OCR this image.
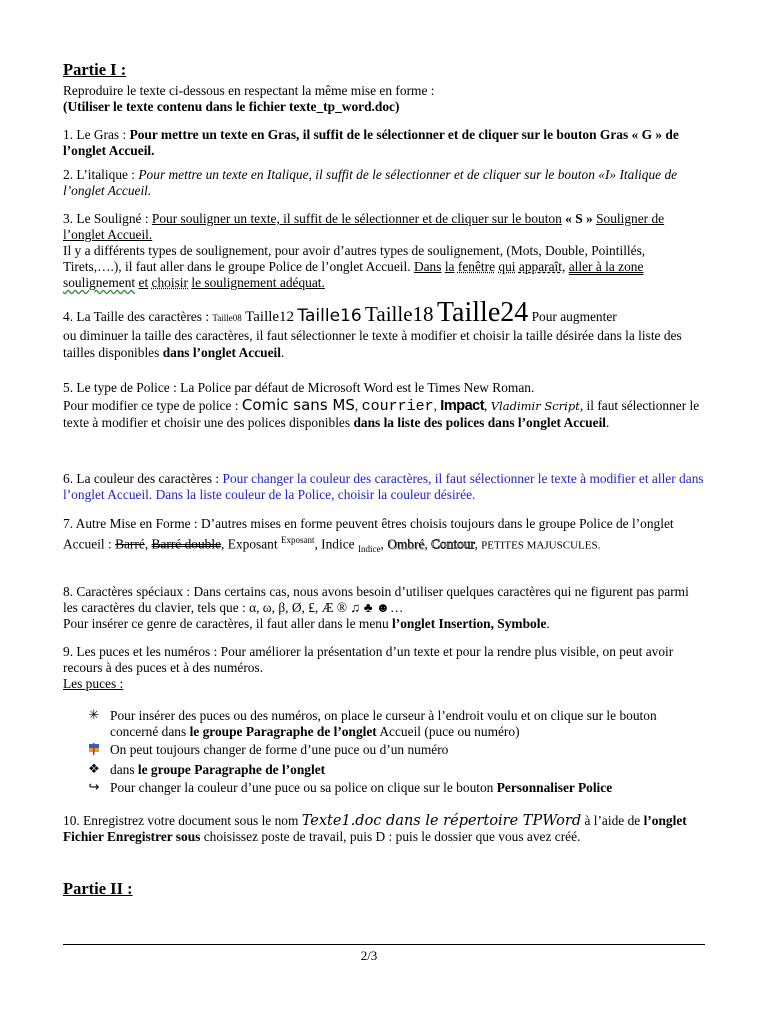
Partie I :
Reproduire le texte ci-dessous en respectant la même mise en forme :
(Utiliser le texte contenu dans le fichier texte_tp_word.doc)
1. Le Gras : Pour mettre un texte en Gras, il suffit de le sélectionner et de cliquer sur le bouton Gras « G » de l’onglet Accueil.
2. L’italique : Pour mettre un texte en Italique, il suffit de le sélectionner et de cliquer sur le bouton «I» Italique de l’onglet Accueil.
3. Le Souligné : Pour souligner un texte, il suffit de le sélectionner et de cliquer sur le bouton « S » Souligner de l’onglet Accueil.
Il y a différents types de soulignement, pour avoir d’autres types de soulignement, (Mots, Double, Pointillés, Tirets,….), il faut aller dans le groupe Police de l’onglet Accueil. Dans la fenêtre qui apparaît, aller à la zone soulignement et choisir le soulignement adéquat.
4. La Taille des caractères : Taille08 Taille12 Taille16 Taille18 Taille24 Pour augmenter
ou diminuer la taille des caractères, il faut sélectionner le texte à modifier et choisir la taille désirée dans la liste des tailles disponibles dans l’onglet Accueil.
5. Le type de Police : La Police par défaut de Microsoft Word est le Times New Roman.
Pour modifier ce type de police : Comic sans MS, courrier, Impact, Vladimir Script, il faut sélectionner le texte à modifier et choisir une des polices disponibles dans la liste des polices dans l’onglet Accueil.
6. La couleur des caractères : Pour changer la couleur des caractères, il faut sélectionner le texte à modifier et aller dans l’onglet Accueil. Dans la liste couleur de la Police, choisir la couleur désirée.
7. Autre Mise en Forme : D’autres mises en forme peuvent êtres choisis toujours dans le groupe Police de l’onglet Accueil : Barré, Barré double, Exposant $^{Exposant}$, Indice $_{Indice}$, Ombré, Contour, PETITES MAJUSCULES.
8. Caractères spéciaux : Dans certains cas, nous avons besoin d’utiliser quelques caractères qui ne figurent pas parmi les caractères du clavier, tels que : α, ω, β, Ø, ₤, Æ ® ♫ ♣ ☻…
Pour insérer ce genre de caractères, il faut aller dans le menu l’onglet Insertion, Symbole.
9. Les puces et les numéros : Pour améliorer la présentation d’un texte et pour la rendre plus visible, on peut avoir recours à des puces et à des numéros.
Les puces :
✳ Pour insérer des puces ou des numéros, on place le curseur à l’endroit voulu et on clique sur le bouton concerné dans le groupe Paragraphe de l’onglet Accueil (puce ou numéro)
On peut toujours changer de forme d’une puce ou d’un numéro
❖ dans le groupe Paragraphe de l’onglet
↪ Pour changer la couleur d’une puce ou sa police on clique sur le bouton Personnaliser Police
10. Enregistrez votre document sous le nom Texte1.doc dans le répertoire TPWord à l’aide de l’onglet Fichier Enregistrer sous choisissez poste de travail, puis D : puis le dossier que vous avez créé.
Partie II :
2/3
